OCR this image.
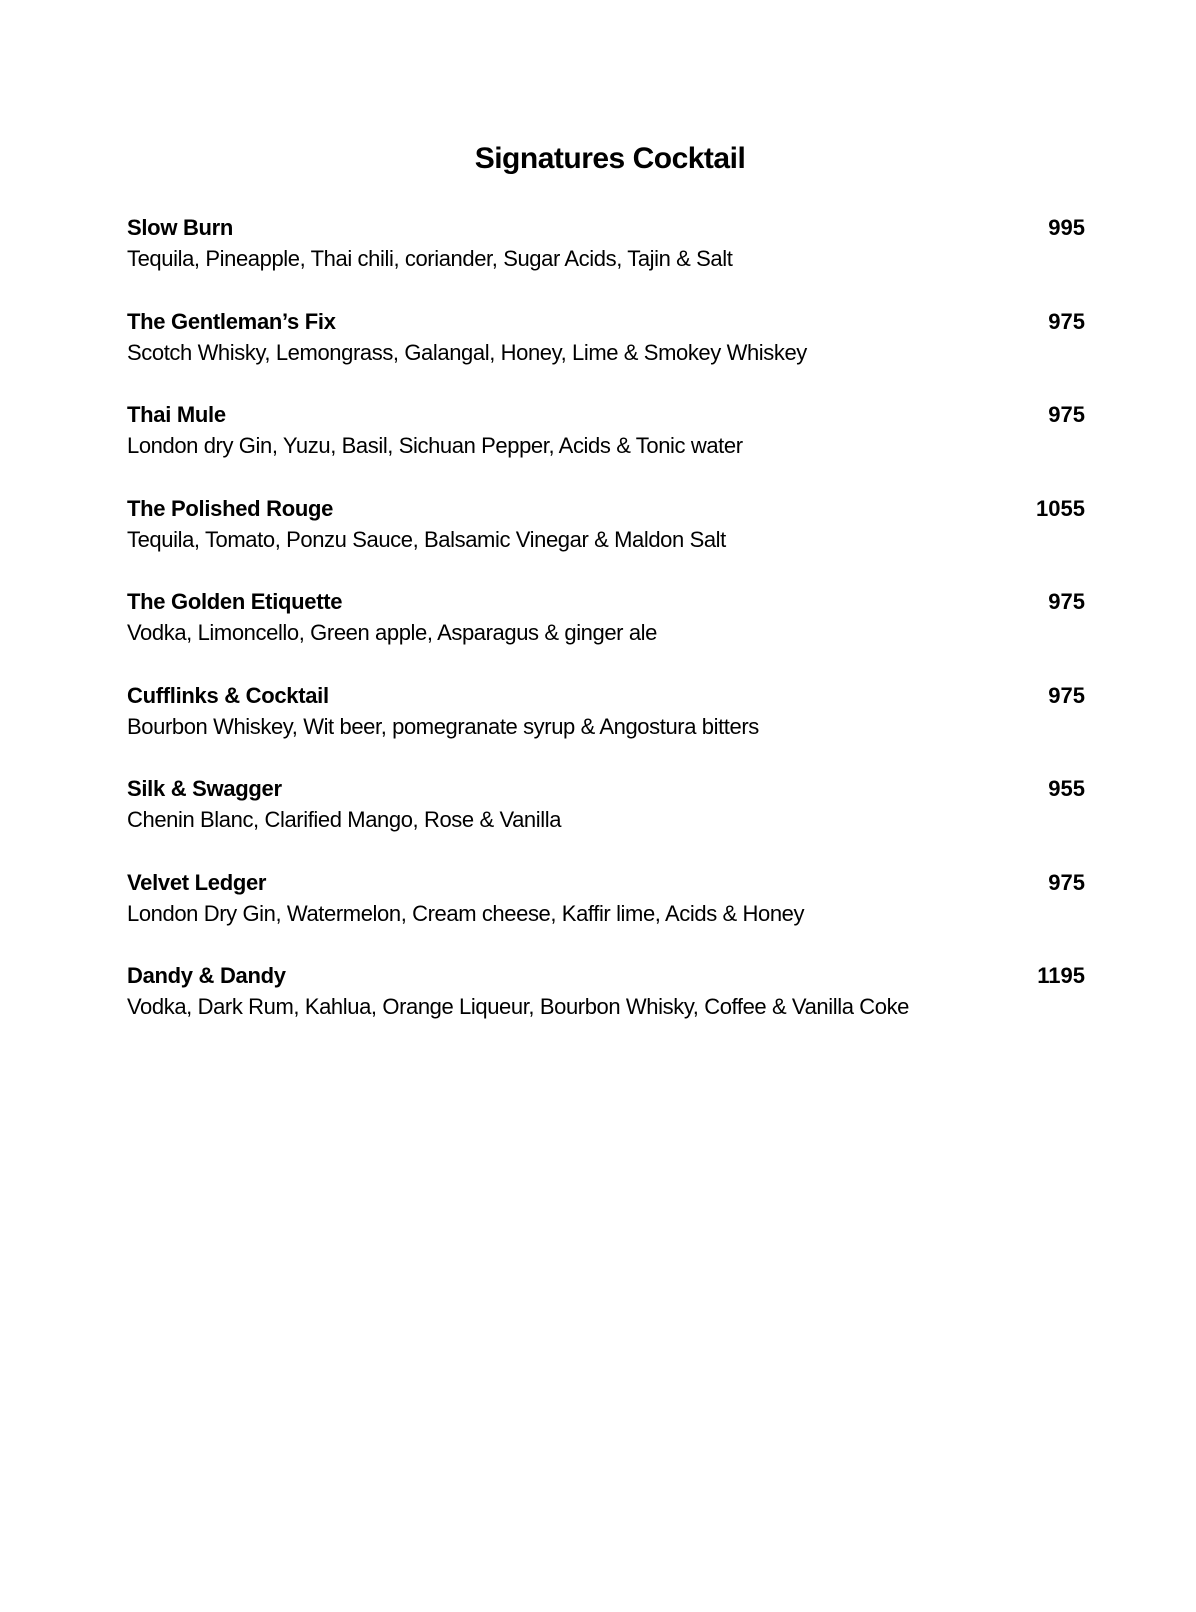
Signatures Cocktail
Slow Burn	995
Tequila, Pineapple, Thai chili, coriander, Sugar Acids, Tajin & Salt
The Gentleman’s Fix	975
Scotch Whisky, Lemongrass, Galangal, Honey, Lime & Smokey Whiskey
Thai Mule	975
London dry Gin, Yuzu, Basil, Sichuan Pepper, Acids & Tonic water
The Polished Rouge	1055
Tequila, Tomato, Ponzu Sauce, Balsamic Vinegar & Maldon Salt
The Golden Etiquette	975
Vodka, Limoncello, Green apple, Asparagus & ginger ale
Cufflinks & Cocktail	975
Bourbon Whiskey, Wit beer, pomegranate syrup & Angostura bitters
Silk & Swagger	955
Chenin Blanc, Clarified Mango, Rose & Vanilla
Velvet Ledger	975
London Dry Gin, Watermelon, Cream cheese, Kaffir lime, Acids & Honey
Dandy & Dandy	1195
Vodka, Dark Rum, Kahlua, Orange Liqueur, Bourbon Whisky, Coffee & Vanilla Coke
